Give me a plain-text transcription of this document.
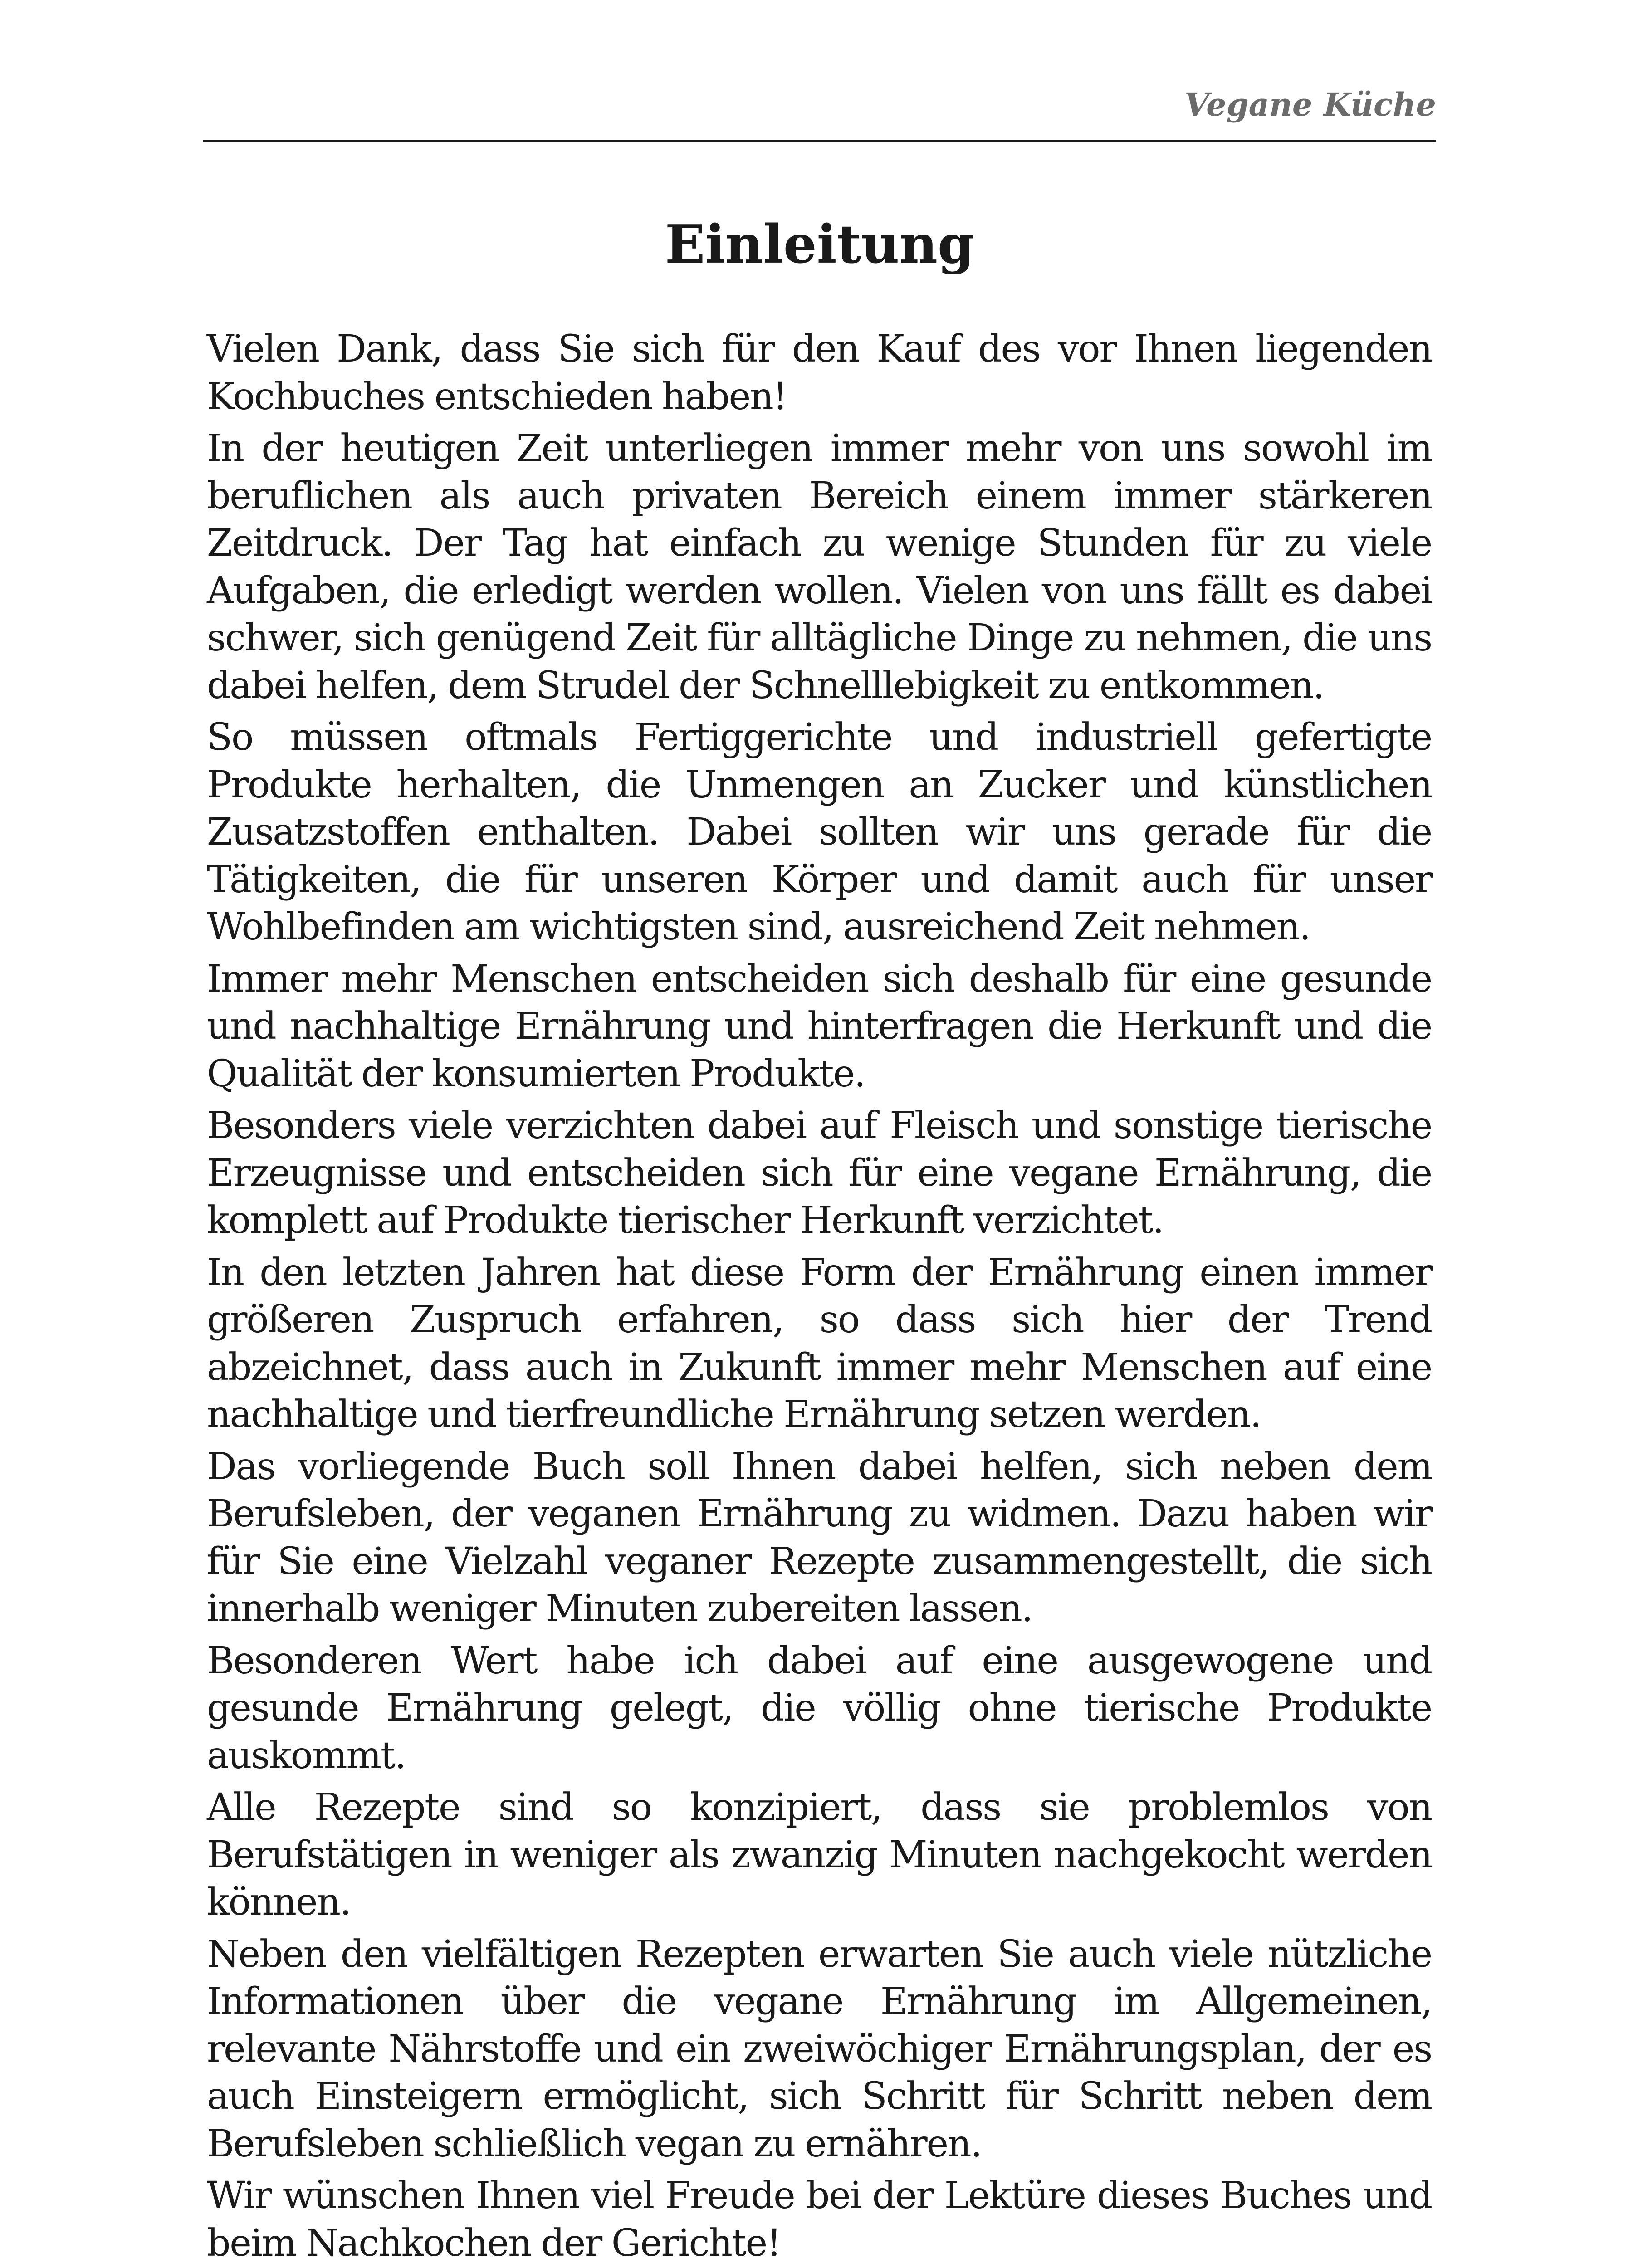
Vegane Küche
Einleitung

Vielen Dank, dass Sie sich für den Kauf des vor Ihnen liegenden Kochbuches entschieden haben!

In der heutigen Zeit unterliegen immer mehr von uns sowohl im beruflichen als auch privaten Bereich einem immer stärkeren Zeitdruck. Der Tag hat einfach zu wenige Stunden für zu viele Aufgaben, die erledigt werden wollen. Vielen von uns fällt es dabei schwer, sich genügend Zeit für alltägliche Dinge zu nehmen, die uns dabei helfen, dem Strudel der Schnelllebigkeit zu entkommen.

So müssen oftmals Fertiggerichte und industriell gefertigte Produkte herhalten, die Unmengen an Zucker und künstlichen Zusatzstoffen enthalten. Dabei sollten wir uns gerade für die Tätigkeiten, die für unseren Körper und damit auch für unser Wohlbefinden am wichtigsten sind, ausreichend Zeit nehmen.

Immer mehr Menschen entscheiden sich deshalb für eine gesunde und nachhaltige Ernährung und hinterfragen die Herkunft und die Qualität der konsumierten Produkte.

Besonders viele verzichten dabei auf Fleisch und sonstige tierische Erzeugnisse und entscheiden sich für eine vegane Ernährung, die komplett auf Produkte tierischer Herkunft verzichtet.

In den letzten Jahren hat diese Form der Ernährung einen immer größeren Zuspruch erfahren, so dass sich hier der Trend abzeichnet, dass auch in Zukunft immer mehr Menschen auf eine nachhaltige und tierfreundliche Ernährung setzen werden.

Das vorliegende Buch soll Ihnen dabei helfen, sich neben dem Berufsleben, der veganen Ernährung zu widmen. Dazu haben wir für Sie eine Vielzahl veganer Rezepte zusammengestellt, die sich innerhalb weniger Minuten zubereiten lassen.

Besonderen Wert habe ich dabei auf eine ausgewogene und gesunde Ernährung gelegt, die völlig ohne tierische Produkte auskommt.

Alle Rezepte sind so konzipiert, dass sie problemlos von Berufstätigen in weniger als zwanzig Minuten nachgekocht werden können.

Neben den vielfältigen Rezepten erwarten Sie auch viele nützliche Informationen über die vegane Ernährung im Allgemeinen, relevante Nährstoffe und ein zweiwöchiger Ernährungsplan, der es auch Einsteigern ermöglicht, sich Schritt für Schritt neben dem Berufsleben schließlich vegan zu ernähren.

Wir wünschen Ihnen viel Freude bei der Lektüre dieses Buches und beim Nachkochen der Gerichte!
